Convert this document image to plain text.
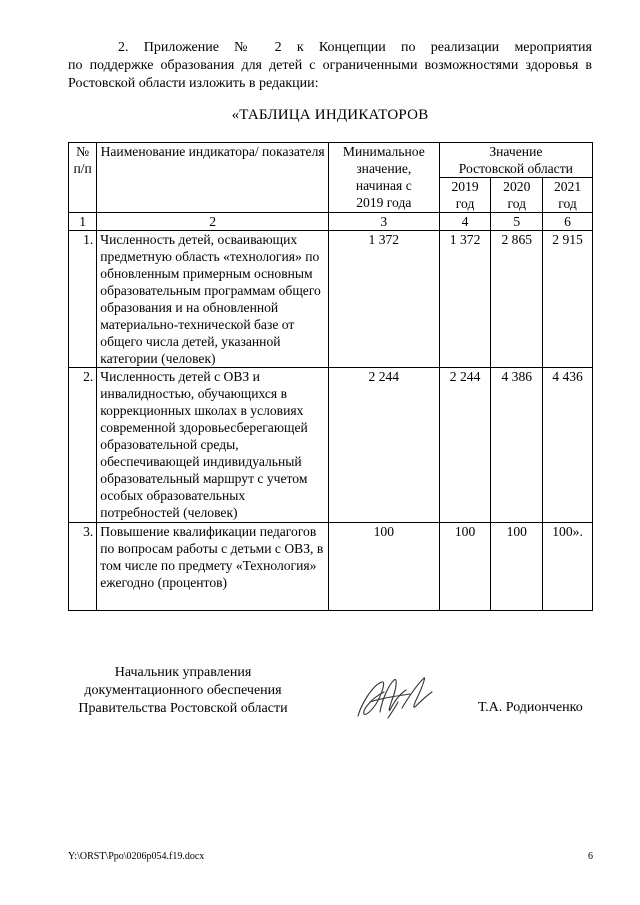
2. Приложение № 2 к Концепции по реализации мероприятия
по поддержке образования для детей с ограниченными возможностями здоровья в Ростовской области изложить в редакции:
«ТАБЛИЦА ИНДИКАТОРОВ
№ п/п	Наименование индикатора/ показателя	Минимальное значение, начиная с 2019 года	Значение Ростовской области		
			2019 год	2020 год	2021 год
1	2	3	4	5	6
1.	Численность детей, осваивающих предметную область «технология» по обновленным примерным основным образовательным программам общего образования и на обновленной материально-технической базе от общего числа детей, указанной категории (человек)	1 372	1 372	2 865	2 915
2.	Численность детей с ОВЗ и инвалидностью, обучающихся в коррекционных школах в условиях современной здоровьесберегающей образовательной среды, обеспечивающей индивидуальный образовательный маршрут с учетом особых образовательных потребностей (человек)	2 244	2 244	4 386	4 436
3.	Повышение квалификации педагогов по вопросам работы с детьми с ОВЗ, в том числе по предмету «Технология» ежегодно (процентов)	100	100	100	100».
Начальник управления документационного обеспечения Правительства Ростовской области	Т.А. Родионченко
Y:\ORST\Ppo\0206p054.f19.docx	6
